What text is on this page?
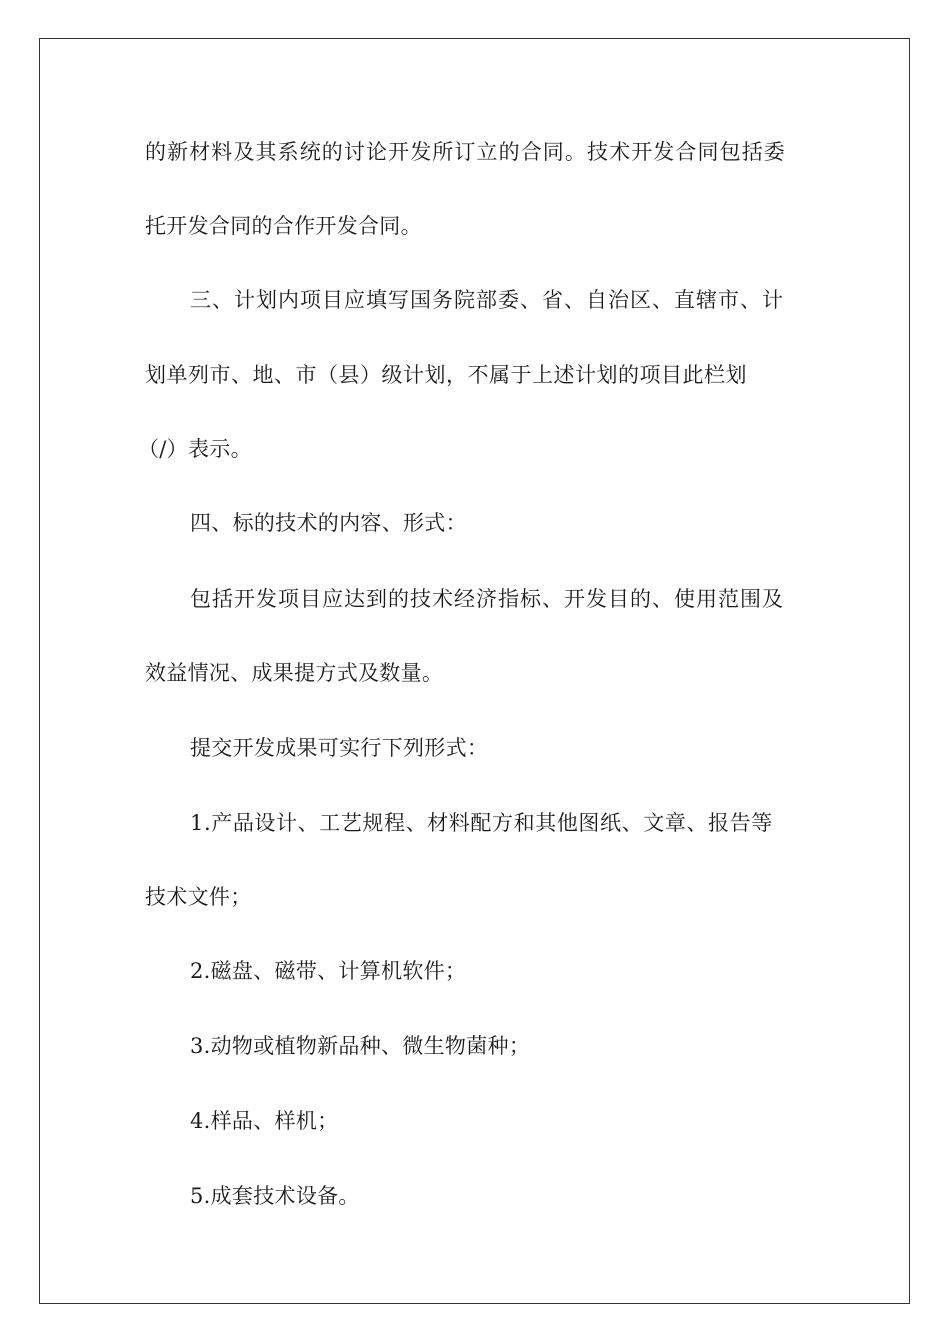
的新材料及其系统的讨论开发所订立的合同。技术开发合同包括委
托开发合同的合作开发合同。
三、计划内项目应填写国务院部委、省、自治区、直辖市、计
划单列市、地、市（县）级计划，不属于上述计划的项目此栏划
（/）表示。
四、标的技术的内容、形式：
包括开发项目应达到的技术经济指标、开发目的、使用范围及
效益情况、成果提方式及数量。
提交开发成果可实行下列形式：
1.产品设计、工艺规程、材料配方和其他图纸、文章、报告等
技术文件；
2.磁盘、磁带、计算机软件；
3.动物或植物新品种、微生物菌种；
4.样品、样机；
5.成套技术设备。
